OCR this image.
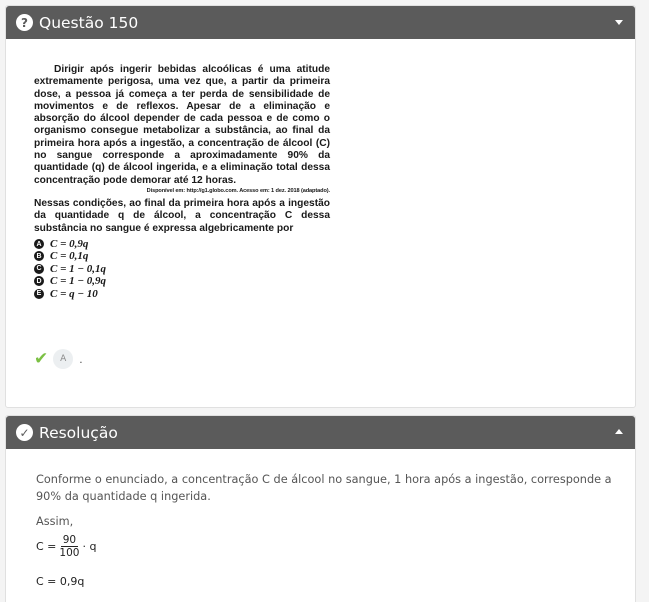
? Questão 150

Dirigir após ingerir bebidas alcoólicas é uma atitude extremamente perigosa, uma vez que, a partir da primeira dose, a pessoa já começa a ter perda de sensibilidade de movimentos e de reflexos. Apesar de a eliminação e absorção do álcool depender de cada pessoa e de como o organismo consegue metabolizar a substância, ao final da primeira hora após a ingestão, a concentração de álcool (C) no sangue corresponde a aproximadamente 90% da quantidade (q) de álcool ingerida, e a eliminação total dessa concentração pode demorar até 12 horas.

Disponível em: http://g1.globo.com. Acesso em: 1 dez. 2018 (adaptado).
Nessas condições, ao final da primeira hora após a ingestão da quantidade q de álcool, a concentração C dessa substância no sangue é expressa algebricamente por
A C = 0,9q
B C = 0,1q
C C = 1 − 0,1q
D C = 1 − 0,9q
E C = q − 10
✔	A	.
✓ Resolução

Conforme o enunciado, a concentração C de álcool no sangue, 1 hora após a ingestão, corresponde a 90% da quantidade q ingerida.

Assim,

$C = \frac{90}{100} \cdot q$
C = 0,9q
